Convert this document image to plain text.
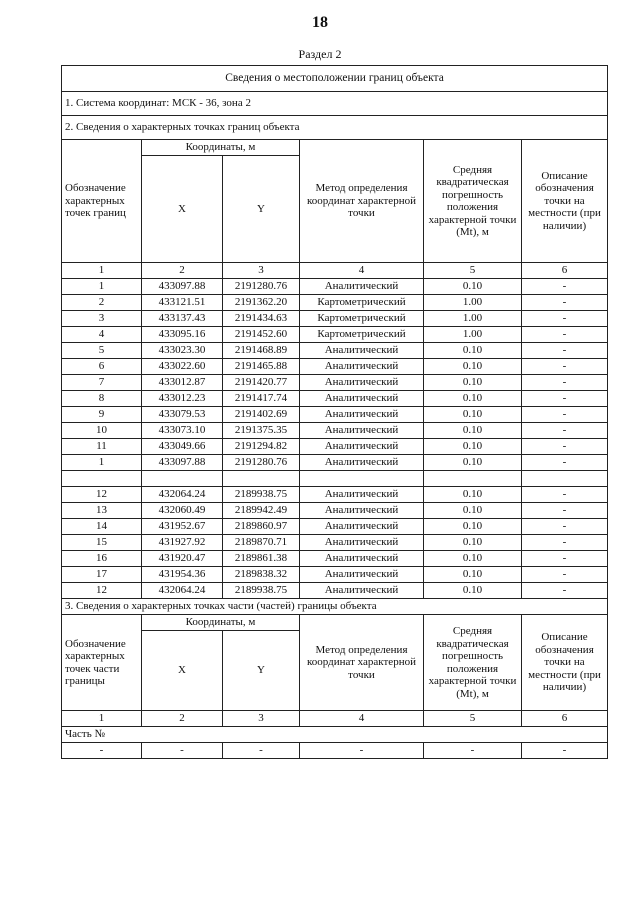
18
Раздел 2
Сведения о местоположении границ объекта					
1. Система координат: МСК - 36, зона 2					
2. Сведения о характерных точках границ объекта					
Обозначение характерных точек границ	Координаты, м		Метод определения координат характерной точки	Средняя квадратическая погрешность положения характерной точки (Mt), м	Описание обозначения точки на местности (при наличии)
	X	Y			
1	2	3	4	5	6
1	433097.88	2191280.76	Аналитический	0.10	-
2	433121.51	2191362.20	Картометрический	1.00	-
3	433137.43	2191434.63	Картометрический	1.00	-
4	433095.16	2191452.60	Картометрический	1.00	-
5	433023.30	2191468.89	Аналитический	0.10	-
6	433022.60	2191465.88	Аналитический	0.10	-
7	433012.87	2191420.77	Аналитический	0.10	-
8	433012.23	2191417.74	Аналитический	0.10	-
9	433079.53	2191402.69	Аналитический	0.10	-
10	433073.10	2191375.35	Аналитический	0.10	-
11	433049.66	2191294.82	Аналитический	0.10	-
1	433097.88	2191280.76	Аналитический	0.10	-

12	432064.24	2189938.75	Аналитический	0.10	-
13	432060.49	2189942.49	Аналитический	0.10	-
14	431952.67	2189860.97	Аналитический	0.10	-
15	431927.92	2189870.71	Аналитический	0.10	-
16	431920.47	2189861.38	Аналитический	0.10	-
17	431954.36	2189838.32	Аналитический	0.10	-
12	432064.24	2189938.75	Аналитический	0.10	-
3. Сведения о характерных точках части (частей) границы объекта					
Обозначение характерных точек части границы	Координаты, м		Метод определения координат характерной точки	Средняя квадратическая погрешность положения характерной точки (Mt), м	Описание обозначения точки на местности (при наличии)
	X	Y			
1	2	3	4	5	6
Часть №					
-	-	-	-	-	-
